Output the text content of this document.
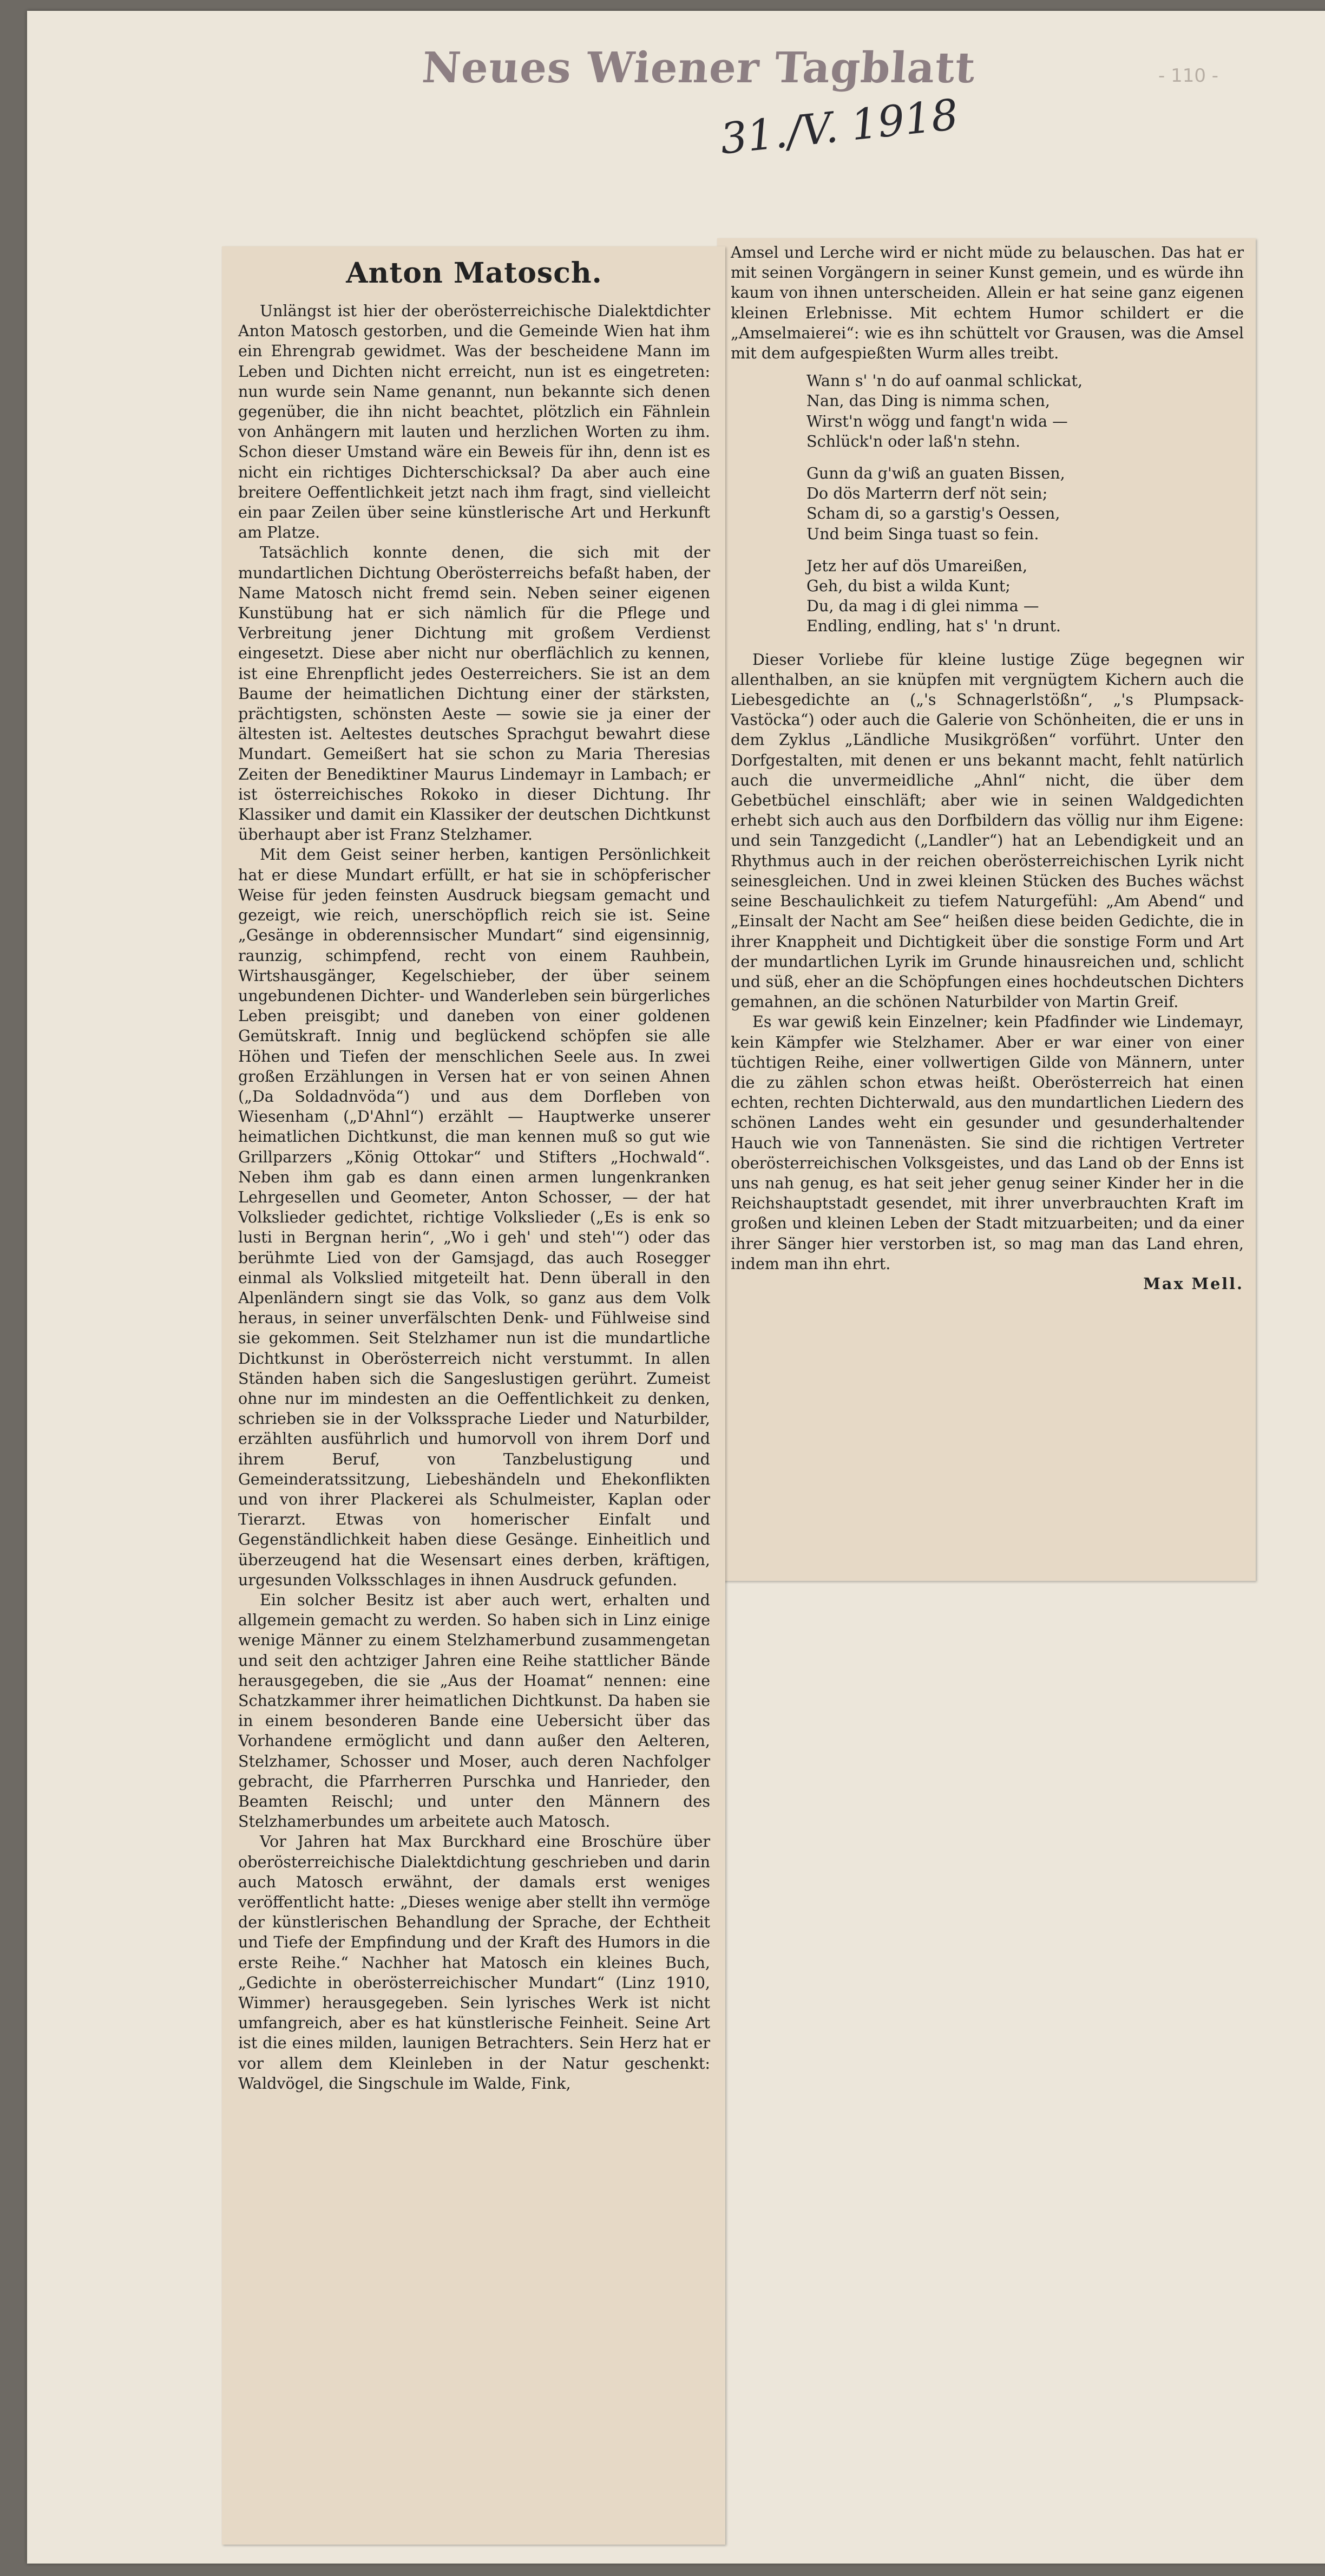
Neues Wiener Tagblatt
31./V. 1918
- 110 -
Anton Matosch.

Unlängst ist hier der oberösterreichische Dialektdichter Anton Matosch gestorben, und die Gemeinde Wien hat ihm ein Ehrengrab gewidmet. Was der bescheidene Mann im Leben und Dichten nicht erreicht, nun ist es eingetreten: nun wurde sein Name genannt, nun bekannte sich denen gegenüber, die ihn nicht beachtet, plötzlich ein Fähnlein von Anhängern mit lauten und herzlichen Worten zu ihm. Schon dieser Umstand wäre ein Beweis für ihn, denn ist es nicht ein richtiges Dichterschicksal? Da aber auch eine breitere Oeffentlichkeit jetzt nach ihm fragt, sind vielleicht ein paar Zeilen über seine künstlerische Art und Herkunft am Platze.

Tatsächlich konnte denen, die sich mit der mundartlichen Dichtung Oberösterreichs befaßt haben, der Name Matosch nicht fremd sein. Neben seiner eigenen Kunstübung hat er sich nämlich für die Pflege und Verbreitung jener Dichtung mit großem Verdienst eingesetzt. Diese aber nicht nur oberflächlich zu kennen, ist eine Ehrenpflicht jedes Oesterreichers. Sie ist an dem Baume der heimatlichen Dichtung einer der stärksten, prächtigsten, schönsten Aeste — sowie sie ja einer der ältesten ist. Aeltestes deutsches Sprachgut bewahrt diese Mundart. Gemeißert hat sie schon zu Maria Theresias Zeiten der Benediktiner Maurus Lindemayr in Lambach; er ist österreichisches Rokoko in dieser Dichtung. Ihr Klassiker und damit ein Klassiker der deutschen Dichtkunst überhaupt aber ist Franz Stelzhamer.

Mit dem Geist seiner herben, kantigen Persönlichkeit hat er diese Mundart erfüllt, er hat sie in schöpferischer Weise für jeden feinsten Ausdruck biegsam gemacht und gezeigt, wie reich, unerschöpflich reich sie ist. Seine „Gesänge in obderennsischer Mundart“ sind eigensinnig, raunzig, schimpfend, recht von einem Rauhbein, Wirtshausgänger, Kegelschieber, der über seinem ungebundenen Dichter- und Wanderleben sein bürgerliches Leben preisgibt; und daneben von einer goldenen Gemütskraft. Innig und beglückend schöpfen sie alle Höhen und Tiefen der menschlichen Seele aus. In zwei großen Erzählungen in Versen hat er von seinen Ahnen („Da Soldadnvöda“) und aus dem Dorfleben von Wiesenham („D'Ahnl“) erzählt — Hauptwerke unserer heimatlichen Dichtkunst, die man kennen muß so gut wie Grillparzers „König Ottokar“ und Stifters „Hochwald“. Neben ihm gab es dann einen armen lungenkranken Lehrgesellen und Geometer, Anton Schosser, — der hat Volkslieder gedichtet, richtige Volkslieder („Es is enk so lusti in Bergnan herin“, „Wo i geh' und steh'“) oder das berühmte Lied von der Gamsjagd, das auch Rosegger einmal als Volkslied mitgeteilt hat. Denn überall in den Alpenländern singt sie das Volk, so ganz aus dem Volk heraus, in seiner unverfälschten Denk- und Fühlweise sind sie gekommen. Seit Stelzhamer nun ist die mundartliche Dichtkunst in Oberösterreich nicht verstummt. In allen Ständen haben sich die Sangeslustigen gerührt. Zumeist ohne nur im mindesten an die Oeffentlichkeit zu denken, schrieben sie in der Volkssprache Lieder und Naturbilder, erzählten ausführlich und humorvoll von ihrem Dorf und ihrem Beruf, von Tanzbelustigung und Gemeinderatssitzung, Liebeshändeln und Ehekonflikten und von ihrer Plackerei als Schulmeister, Kaplan oder Tierarzt. Etwas von homerischer Einfalt und Gegenständlichkeit haben diese Gesänge. Einheitlich und überzeugend hat die Wesensart eines derben, kräftigen, urgesunden Volksschlages in ihnen Ausdruck gefunden.

Ein solcher Besitz ist aber auch wert, erhalten und allgemein gemacht zu werden. So haben sich in Linz einige wenige Männer zu einem Stelzhamerbund zusammengetan und seit den achtziger Jahren eine Reihe stattlicher Bände herausgegeben, die sie „Aus der Hoamat“ nennen: eine Schatzkammer ihrer heimatlichen Dichtkunst. Da haben sie in einem besonderen Bande eine Uebersicht über das Vorhandene ermöglicht und dann außer den Aelteren, Stelzhamer, Schosser und Moser, auch deren Nachfolger gebracht, die Pfarrherren Purschka und Hanrieder, den Beamten Reischl; und unter den Männern des Stelzhamerbundes um arbeitete auch Matosch.

Vor Jahren hat Max Burckhard eine Broschüre über oberösterreichische Dialektdichtung geschrieben und darin auch Matosch erwähnt, der damals erst weniges veröffentlicht hatte: „Dieses wenige aber stellt ihn vermöge der künstlerischen Behandlung der Sprache, der Echtheit und Tiefe der Empfindung und der Kraft des Humors in die erste Reihe.“ Nachher hat Matosch ein kleines Buch, „Gedichte in oberösterreichischer Mundart“ (Linz 1910, Wimmer) herausgegeben. Sein lyrisches Werk ist nicht umfangreich, aber es hat künstlerische Feinheit. Seine Art ist die eines milden, launigen Betrachters. Sein Herz hat er vor allem dem Kleinleben in der Natur geschenkt: Waldvögel, die Singschule im Walde, Fink,

Amsel und Lerche wird er nicht müde zu belauschen. Das hat er mit seinen Vorgängern in seiner Kunst gemein, und es würde ihn kaum von ihnen unterscheiden. Allein er hat seine ganz eigenen kleinen Erlebnisse. Mit echtem Humor schildert er die „Amselmaierei“: wie es ihn schüttelt vor Grausen, was die Amsel mit dem aufgespießten Wurm alles treibt.

Wann s' 'n do auf oanmal schlickat,
Nan, das Ding is nimma schen,
Wirst'n wögg und fangt'n wida —
Schlück'n oder laß'n stehn.
Gunn da g'wiß an guaten Bissen,
Do dös Marterrn derf nöt sein;
Scham di, so a garstig's Oessen,
Und beim Singa tuast so fein.
Jetz her auf dös Umareißen,
Geh, du bist a wilda Kunt;
Du, da mag i di glei nimma —
Endling, endling, hat s' 'n drunt.

Dieser Vorliebe für kleine lustige Züge begegnen wir allenthalben, an sie knüpfen mit vergnügtem Kichern auch die Liebesgedichte an („'s Schnagerlstößn“, „'s Plumpsack-Vastöcka“) oder auch die Galerie von Schönheiten, die er uns in dem Zyklus „Ländliche Musikgrößen“ vorführt. Unter den Dorfgestalten, mit denen er uns bekannt macht, fehlt natürlich auch die unvermeidliche „Ahnl“ nicht, die über dem Gebetbüchel einschläft; aber wie in seinen Waldgedichten erhebt sich auch aus den Dorfbildern das völlig nur ihm Eigene: und sein Tanzgedicht („Landler“) hat an Lebendigkeit und an Rhythmus auch in der reichen oberösterreichischen Lyrik nicht seinesgleichen. Und in zwei kleinen Stücken des Buches wächst seine Beschaulichkeit zu tiefem Naturgefühl: „Am Abend“ und „Einsalt der Nacht am See“ heißen diese beiden Gedichte, die in ihrer Knappheit und Dichtigkeit über die sonstige Form und Art der mundartlichen Lyrik im Grunde hinausreichen und, schlicht und süß, eher an die Schöpfungen eines hochdeutschen Dichters gemahnen, an die schönen Naturbilder von Martin Greif.

Es war gewiß kein Einzelner; kein Pfadfinder wie Lindemayr, kein Kämpfer wie Stelzhamer. Aber er war einer von einer tüchtigen Reihe, einer vollwertigen Gilde von Männern, unter die zu zählen schon etwas heißt. Oberösterreich hat einen echten, rechten Dichterwald, aus den mundartlichen Liedern des schönen Landes weht ein gesunder und gesunderhaltender Hauch wie von Tannenästen. Sie sind die richtigen Vertreter oberösterreichischen Volksgeistes, und das Land ob der Enns ist uns nah genug, es hat seit jeher genug seiner Kinder her in die Reichshauptstadt gesendet, mit ihrer unverbrauchten Kraft im großen und kleinen Leben der Stadt mitzuarbeiten; und da einer ihrer Sänger hier verstorben ist, so mag man das Land ehren, indem man ihn ehrt.

Max Mell.
